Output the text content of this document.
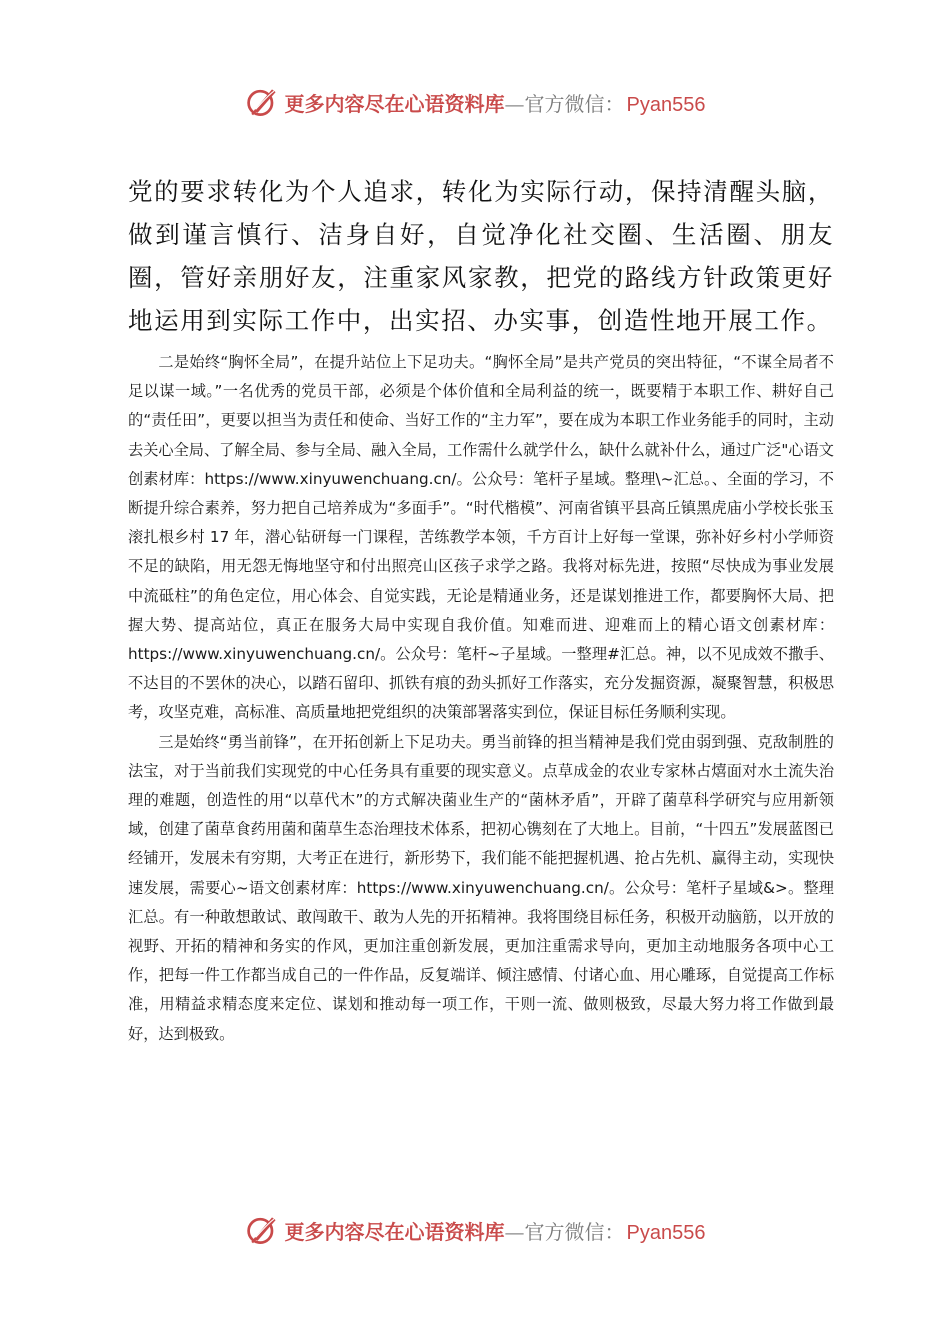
更多内容尽在心语资料库 — 官方微信： Pyan556

党的要求转化为个人追求，转化为实际行动，保持清醒头脑，做到谨言慎行、洁身自好，自觉净化社交圈、生活圈、朋友圈，管好亲朋好友，注重家风家教，把党的路线方针政策更好地运用到实际工作中，出实招、办实事，创造性地开展工作。

二是始终“胸怀全局”，在提升站位上下足功夫。“胸怀全局”是共产党员的突出特征，“不谋全局者不足以谋一域。”一名优秀的党员干部，必须是个体价值和全局利益的统一，既要精于本职工作、耕好自己的“责任田”，更要以担当为责任和使命、当好工作的“主力军”，要在成为本职工作业务能手的同时，主动去关心全局、了解全局、参与全局、融入全局，工作需什么就学什么，缺什么就补什么，通过广泛"心语文创素材库：https://www.xinyuwenchuang.cn/。公众号：笔杆子星域。整理\~汇总。、全面的学习，不断提升综合素养，努力把自己培养成为“多面手”。“时代楷模”、河南省镇平县高丘镇黑虎庙小学校长张玉滚扎根乡村 17 年，潜心钻研每一门课程，苦练教学本领，千方百计上好每一堂课，弥补好乡村小学师资不足的缺陷，用无怨无悔地坚守和付出照亮山区孩子求学之路。我将对标先进，按照“尽快成为事业发展中流砥柱”的角色定位，用心体会、自觉实践，无论是精通业务，还是谋划推进工作，都要胸怀大局、把握大势、提高站位，真正在服务大局中实现自我价值。知难而进、迎难而上的精心语文创素材库：https://www.xinyuwenchuang.cn/。公众号：笔杆~子星域。一整理#汇总。神，以不见成效不撒手、不达目的不罢休的决心，以踏石留印、抓铁有痕的劲头抓好工作落实，充分发掘资源，凝聚智慧，积极思考，攻坚克难，高标准、高质量地把党组织的决策部署落实到位，保证目标任务顺利实现。

三是始终“勇当前锋”，在开拓创新上下足功夫。勇当前锋的担当精神是我们党由弱到强、克敌制胜的法宝，对于当前我们实现党的中心任务具有重要的现实意义。点草成金的农业专家林占熺面对水土流失治理的难题，创造性的用“以草代木”的方式解决菌业生产的“菌林矛盾”，开辟了菌草科学研究与应用新领域，创建了菌草食药用菌和菌草生态治理技术体系，把初心镌刻在了大地上。目前，“十四五”发展蓝图已经铺开，发展未有穷期，大考正在进行，新形势下，我们能不能把握机遇、抢占先机、赢得主动，实现快速发展，需要心~语文创素材库：https://www.xinyuwenchuang.cn/。公众号：笔杆子星域&>。整理汇总。有一种敢想敢试、敢闯敢干、敢为人先的开拓精神。我将围绕目标任务，积极开动脑筋，以开放的视野、开拓的精神和务实的作风，更加注重创新发展，更加注重需求导向，更加主动地服务各项中心工作，把每一件工作都当成自己的一件作品，反复端详、倾注感情、付诸心血、用心雕琢，自觉提高工作标准，用精益求精态度来定位、谋划和推动每一项工作，干则一流、做则极致，尽最大努力将工作做到最好，达到极致。

更多内容尽在心语资料库 — 官方微信： Pyan556
